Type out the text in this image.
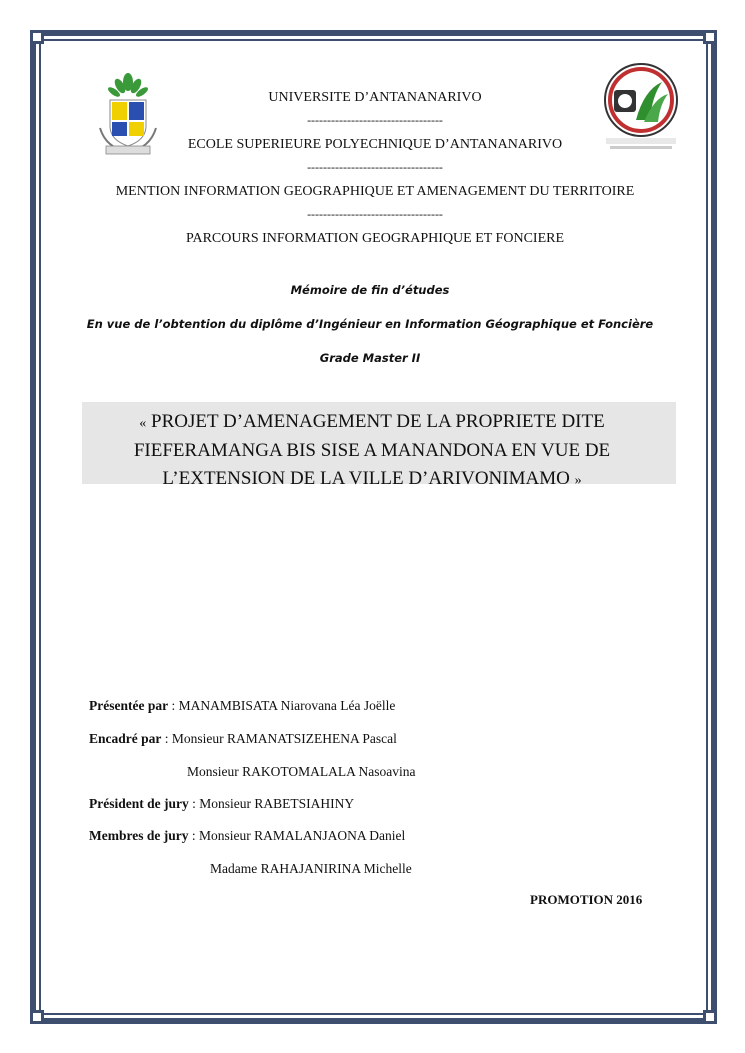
UNIVERSITE D’ANTANANARIVO
----------------------------------
ECOLE SUPERIEURE POLYECHNIQUE D’ANTANANARIVO
----------------------------------
MENTION INFORMATION GEOGRAPHIQUE ET AMENAGEMENT DU TERRITOIRE
----------------------------------
PARCOURS INFORMATION GEOGRAPHIQUE ET FONCIERE
Mémoire de fin d’études
En vue de l’obtention du diplôme d’Ingénieur en Information Géographique et Foncière
Grade Master II
« PROJET D’AMENAGEMENT DE LA PROPRIETE DITE
FIEFERAMANGA BIS SISE A MANANDONA EN VUE DE
L’EXTENSION DE LA VILLE D’ARIVONIMAMO »
Présentée par : MANAMBISATA Niarovana Léa Joëlle
Encadré par : Monsieur RAMANATSIZEHENA Pascal
Monsieur RAKOTOMALALA Nasoavina
Président de jury : Monsieur RABETSIAHINY
Membres de jury : Monsieur RAMALANJAONA Daniel
Madame RAHAJANIRINA Michelle
PROMOTION 2016
